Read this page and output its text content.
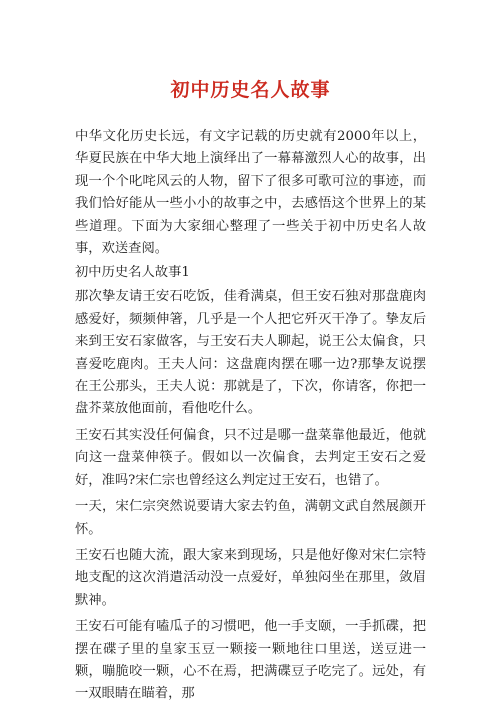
初中历史名人故事

中华文化历史长远，有文字记载的历史就有2000年以上，华夏民族在中华大地上演绎出了一幕幕激烈人心的故事，出现一个个叱咤风云的人物，留下了很多可歌可泣的事迹，而我们恰好能从一些小小的故事之中，去感悟这个世界上的某些道理。下面为大家细心整理了一些关于初中历史名人故事，欢送查阅。

初中历史名人故事1

那次挚友请王安石吃饭，佳肴满桌，但王安石独对那盘鹿肉感爱好，频频伸箸，几乎是一个人把它歼灭干净了。挚友后来到王安石家做客，与王安石夫人聊起，说王公太偏食，只喜爱吃鹿肉。王夫人问：这盘鹿肉摆在哪一边?那挚友说摆在王公那头，王夫人说：那就是了，下次，你请客，你把一盘芥菜放他面前，看他吃什么。

王安石其实没任何偏食，只不过是哪一盘菜靠他最近，他就向这一盘菜伸筷子。假如以一次偏食，去判定王安石之爱好，准吗?宋仁宗也曾经这么判定过王安石，也错了。

一天，宋仁宗突然说要请大家去钓鱼，满朝文武自然展颜开怀。

王安石也随大流，跟大家来到现场，只是他好像对宋仁宗特地支配的这次消遣活动没一点爱好，单独闷坐在那里，敛眉默神。

王安石可能有嗑瓜子的习惯吧，他一手支颐，一手抓碟，把摆在碟子里的皇家玉豆一颗接一颗地往口里送，送豆进一颗，嘣脆咬一颗，心不在焉，把满碟豆子吃完了。远处，有一双眼睛在瞄着，那
